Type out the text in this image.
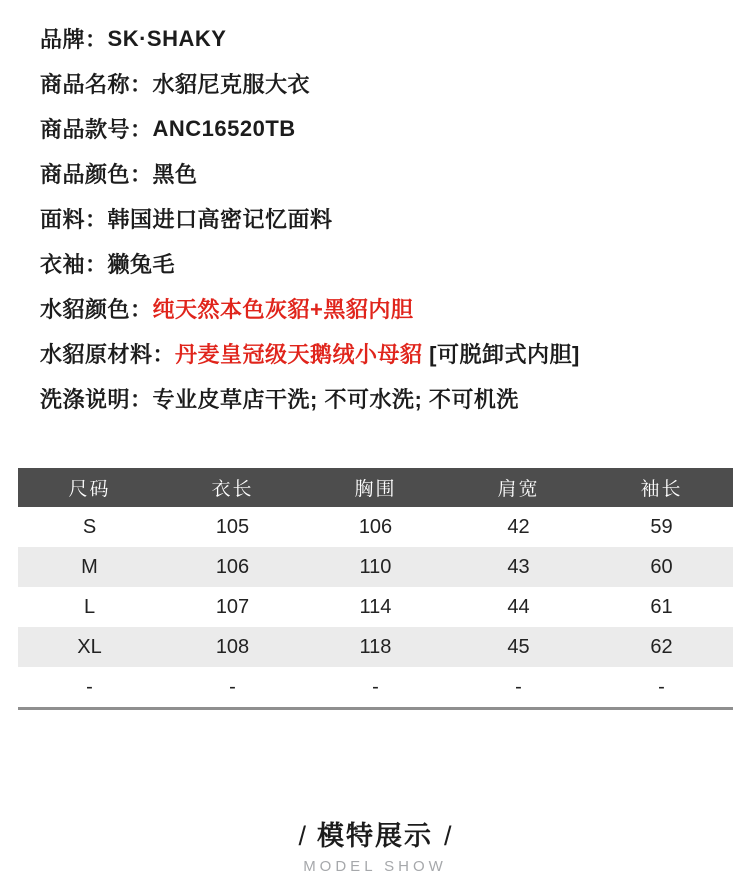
品牌： SK·SHAKY
商品名称： 水貂尼克服大衣
商品款号： ANC16520TB
商品颜色： 黑色
面料： 韩国进口高密记忆面料
衣袖： 獭兔毛
水貂颜色： 纯天然本色灰貂+黑貂内胆
水貂原材料： 丹麦皇冠级天鹅绒小母貂 [可脱卸式内胆]
洗涤说明： 专业皮草店干洗; 不可水洗; 不可机洗
尺码	衣长	胸围	肩宽	袖长
S	105	106	42	59
M	106	110	43	60
L	107	114	44	61
XL	108	118	45	62
-	-	-	-	-
/ 模特展示 /
MODEL SHOW
